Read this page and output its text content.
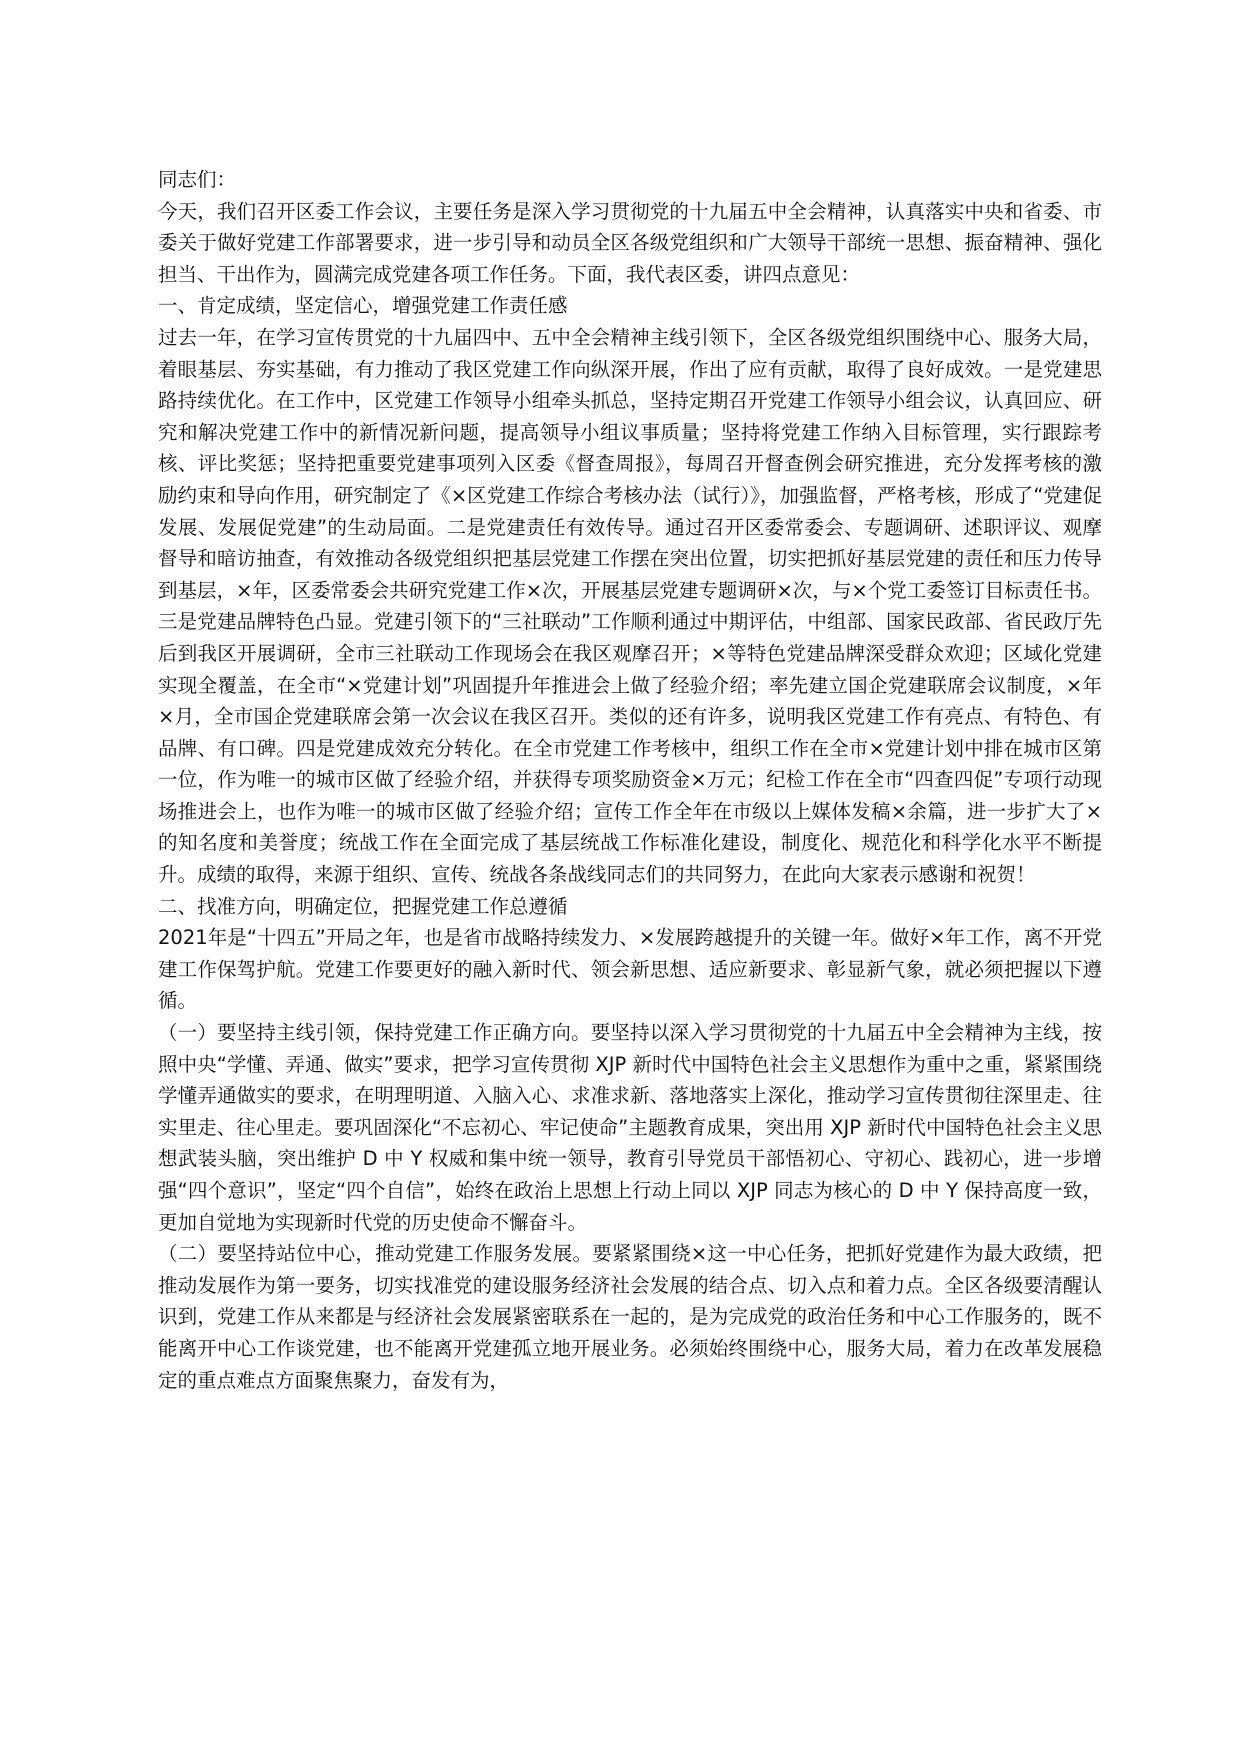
同志们：

今天，我们召开区委工作会议，主要任务是深入学习贯彻党的十九届五中全会精神，认真落实中央和省委、市委关于做好党建工作部署要求，进一步引导和动员全区各级党组织和广大领导干部统一思想、振奋精神、强化担当、干出作为，圆满完成党建各项工作任务。下面，我代表区委，讲四点意见：

一、肯定成绩，坚定信心，增强党建工作责任感

过去一年，在学习宣传贯党的十九届四中、五中全会精神主线引领下，全区各级党组织围绕中心、服务大局，着眼基层、夯实基础，有力推动了我区党建工作向纵深开展，作出了应有贡献，取得了良好成效。一是党建思路持续优化。在工作中，区党建工作领导小组牵头抓总，坚持定期召开党建工作领导小组会议，认真回应、研究和解决党建工作中的新情况新问题，提高领导小组议事质量；坚持将党建工作纳入目标管理，实行跟踪考核、评比奖惩；坚持把重要党建事项列入区委《督查周报》，每周召开督查例会研究推进，充分发挥考核的激励约束和导向作用，研究制定了《×区党建工作综合考核办法（试行）》，加强监督，严格考核，形成了“党建促发展、发展促党建”的生动局面。二是党建责任有效传导。通过召开区委常委会、专题调研、述职评议、观摩督导和暗访抽查，有效推动各级党组织把基层党建工作摆在突出位置，切实把抓好基层党建的责任和压力传导到基层，×年，区委常委会共研究党建工作×次，开展基层党建专题调研×次，与×个党工委签订目标责任书。三是党建品牌特色凸显。党建引领下的“三社联动”工作顺利通过中期评估，中组部、国家民政部、省民政厅先后到我区开展调研，全市三社联动工作现场会在我区观摩召开；×等特色党建品牌深受群众欢迎；区域化党建实现全覆盖，在全市“×党建计划”巩固提升年推进会上做了经验介绍；率先建立国企党建联席会议制度，×年×月，全市国企党建联席会第一次会议在我区召开。类似的还有许多，说明我区党建工作有亮点、有特色、有品牌、有口碑。四是党建成效充分转化。在全市党建工作考核中，组织工作在全市×党建计划中排在城市区第一位，作为唯一的城市区做了经验介绍，并获得专项奖励资金×万元；纪检工作在全市“四查四促”专项行动现场推进会上，也作为唯一的城市区做了经验介绍；宣传工作全年在市级以上媒体发稿×余篇，进一步扩大了×的知名度和美誉度；统战工作在全面完成了基层统战工作标准化建设，制度化、规范化和科学化水平不断提升。成绩的取得，来源于组织、宣传、统战各条战线同志们的共同努力，在此向大家表示感谢和祝贺！

二、找准方向，明确定位，把握党建工作总遵循

2021年是“十四五”开局之年，也是省市战略持续发力、×发展跨越提升的关键一年。做好×年工作，离不开党建工作保驾护航。党建工作要更好的融入新时代、领会新思想、适应新要求、彰显新气象，就必须把握以下遵循。

（一）要坚持主线引领，保持党建工作正确方向。要坚持以深入学习贯彻党的十九届五中全会精神为主线，按照中央“学懂、弄通、做实”要求，把学习宣传贯彻 XJP 新时代中国特色社会主义思想作为重中之重，紧紧围绕学懂弄通做实的要求，在明理明道、入脑入心、求准求新、落地落实上深化，推动学习宣传贯彻往深里走、往实里走、往心里走。要巩固深化“不忘初心、牢记使命”主题教育成果，突出用 XJP 新时代中国特色社会主义思想武装头脑，突出维护 D 中 Y 权威和集中统一领导，教育引导党员干部悟初心、守初心、践初心，进一步增强“四个意识”，坚定“四个自信”，始终在政治上思想上行动上同以 XJP 同志为核心的 D 中 Y 保持高度一致，更加自觉地为实现新时代党的历史使命不懈奋斗。

（二）要坚持站位中心，推动党建工作服务发展。要紧紧围绕×这一中心任务，把抓好党建作为最大政绩，把推动发展作为第一要务，切实找准党的建设服务经济社会发展的结合点、切入点和着力点。全区各级要清醒认识到，党建工作从来都是与经济社会发展紧密联系在一起的，是为完成党的政治任务和中心工作服务的，既不能离开中心工作谈党建，也不能离开党建孤立地开展业务。必须始终围绕中心，服务大局，着力在改革发展稳定的重点难点方面聚焦聚力，奋发有为，
